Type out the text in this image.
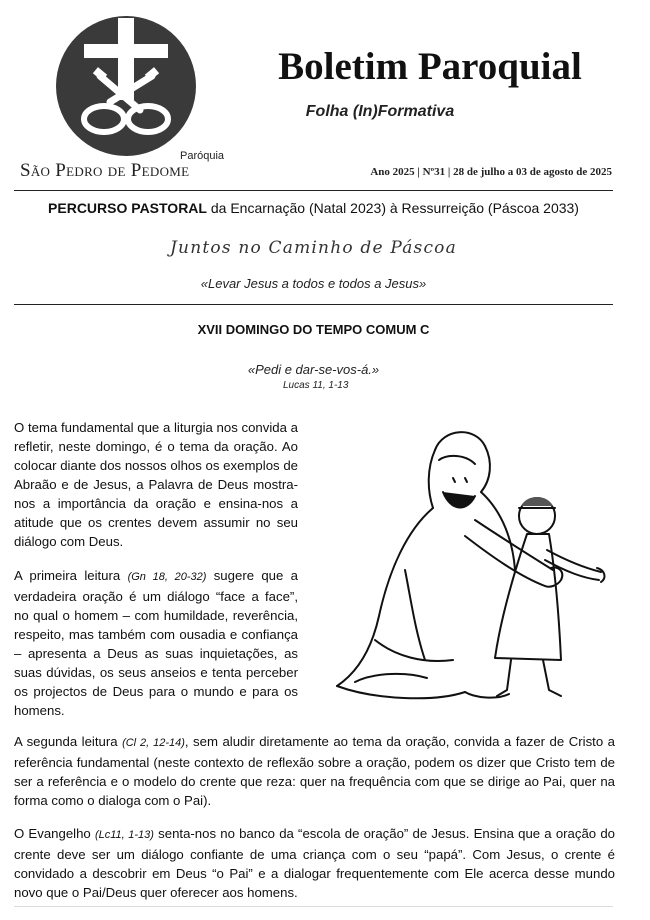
Paróquia
São Pedro de Pedome
Boletim Paroquial
Folha (In)Formativa
Ano 2025 | Nº31 | 28 de julho a 03 de agosto de 2025
PERCURSO PASTORAL da Encarnação (Natal 2023) à Ressurreição (Páscoa 2033)
Juntos no Caminho de Páscoa
«Levar Jesus a todos e todos a Jesus»
XVII DOMINGO DO TEMPO COMUM C
«Pedi e dar-se-vos-á.»
Lucas 11, 1-13
O tema fundamental que a liturgia nos convida a refletir, neste domingo, é o tema da oração. Ao colocar diante dos nossos olhos os exemplos de Abraão e de Jesus, a Palavra de Deus mostra-nos a importância da oração e ensina-nos a atitude que os crentes devem assumir no seu diálogo com Deus.
A primeira leitura (Gn 18, 20-32) sugere que a verdadeira oração é um diálogo “face a face”, no qual o homem – com humildade, reverência, respeito, mas também com ousadia e confiança – apresenta a Deus as suas inquietações, as suas dúvidas, os seus anseios e tenta perceber os projectos de Deus para o mundo e para os homens.
A segunda leitura (Cl 2, 12-14), sem aludir diretamente ao tema da oração, convida a fazer de Cristo a referência fundamental (neste contexto de reflexão sobre a oração, podem os dizer que Cristo tem de ser a referência e o modelo do crente que reza: quer na frequência com que se dirige ao Pai, quer na forma como o dialoga com o Pai).
O Evangelho (Lc11, 1-13) senta-nos no banco da “escola de oração” de Jesus. Ensina que a oração do crente deve ser um diálogo confiante de uma criança com o seu “papá”. Com Jesus, o crente é convidado a descobrir em Deus “o Pai” e a dialogar frequentemente com Ele acerca desse mundo novo que o Pai/Deus quer oferecer aos homens.
